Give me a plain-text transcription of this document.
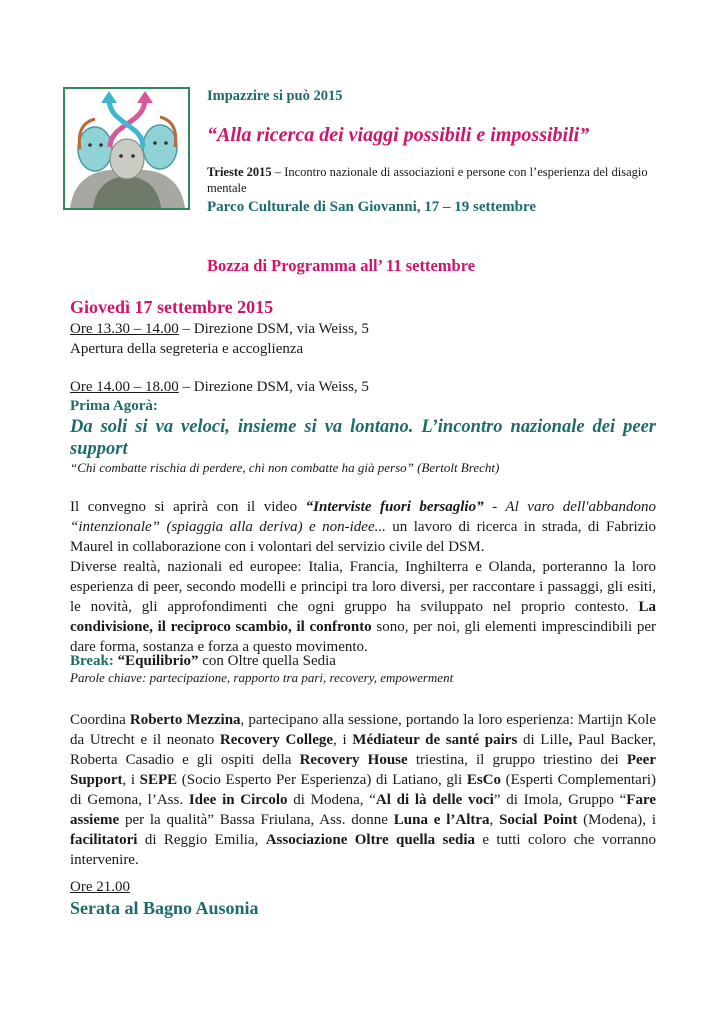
Impazzire si può 2015
“Alla ricerca dei viaggi possibili e impossibili”

Trieste 2015 – Incontro nazionale di associazioni e persone con l’esperienza del disagio mentale

Parco Culturale di San Giovanni, 17 – 19 settembre
Bozza di Programma all’ 11 settembre
Giovedì 17 settembre 2015
Ore 13.30 – 14.00 – Direzione DSM, via Weiss, 5
Apertura della segreteria e accoglienza
Ore 14.00 – 18.00 – Direzione DSM, via Weiss, 5
Prima Agorà:

Da soli si va veloci, insieme si va lontano. L’incontro nazionale dei peer support

“Chi combatte rischia di perdere, chi non combatte ha già perso” (Bertolt Brecht)

Il convegno si aprirà con il video “Interviste fuori bersaglio” - Al varo dell'abbandono “intenzionale” (spiaggia alla deriva) e non-idee... un lavoro di ricerca in strada, di Fabrizio Maurel in collaborazione con i volontari del servizio civile del DSM.

Diverse realtà, nazionali ed europee: Italia, Francia, Inghilterra e Olanda, porteranno la loro esperienza di peer, secondo modelli e principi tra loro diversi, per raccontare i passaggi, gli esiti, le novità, gli approfondimenti che ogni gruppo ha sviluppato nel proprio contesto. La condivisione, il reciproco scambio, il confronto sono, per noi, gli elementi imprescindibili per dare forma, sostanza e forza a questo movimento.

Break: “Equilibrio” con Oltre quella Sedia
Parole chiave: partecipazione, rapporto tra pari, recovery, empowerment

Coordina Roberto Mezzina, partecipano alla sessione, portando la loro esperienza: Martijn Kole da Utrecht e il neonato Recovery College, i Médiateur de santé pairs di Lille, Paul Backer, Roberta Casadio e gli ospiti della Recovery House triestina, il gruppo triestino dei Peer Support, i SEPE (Socio Esperto Per Esperienza) di Latiano, gli EsCo (Esperti Complementari) di Gemona, l’Ass. Idee in Circolo di Modena, “Al di là delle voci” di Imola, Gruppo “Fare assieme per la qualità” Bassa Friulana, Ass. donne Luna e l’Altra, Social Point (Modena), i facilitatori di Reggio Emilia, Associazione Oltre quella sedia e tutti coloro che vorranno intervenire.

Ore 21.00
Serata al Bagno Ausonia
